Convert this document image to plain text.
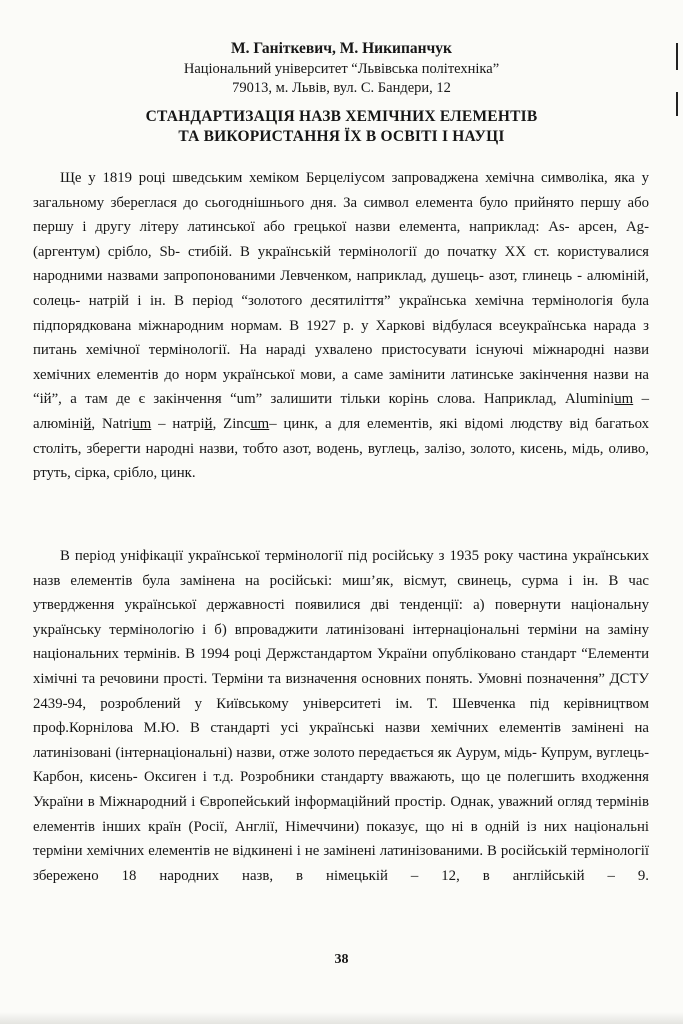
М. Ганіткевич, М. Никипанчук
Національний університет “Львівська політехніка”
79013, м. Львів, вул. С. Бандери, 12
СТАНДАРТИЗАЦІЯ НАЗВ ХЕМІЧНИХ ЕЛЕМЕНТІВ
ТА ВИКОРИСТАННЯ ЇХ В ОСВІТІ І НАУЦІ

Ще у 1819 році шведським хеміком Берцеліусом запроваджена хемічна символіка, яка у загальному збереглася до сьогоднішнього дня. За символ елемента було прийнято першу або першу і другу літеру латинської або грецької назви елемента, наприклад: As- арсен, Ag- (аргентум) срібло, Sb- стибій. В українській термінології до початку ХХ ст. користувалися народними назвами запропонованими Левченком, наприклад, душець- азот, глинець - алюміній, солець- натрій і ін. В період “золотого десятиліття” українська хемічна термінологія була підпорядкована міжнародним нормам. В 1927 р. у Харкові відбулася всеукраїнська нарада з питань хемічної термінології. На нараді ухвалено пристосувати існуючі міжнародні назви хемічних елементів до норм української мови, а саме замінити латинське закінчення назви на “ій”, а там де є закінчення “um” залишити тільки корінь слова. Наприклад, Aluminium – алюміній, Natrium – натрій, Zincum– цинк, а для елементів, які відомі людству від багатьох століть, зберегти народні назви, тобто азот, водень, вуглець, залізо, золото, кисень, мідь, оливо, ртуть, сірка, срібло, цинк.

В період уніфікації української термінології під російську з 1935 року частина українських назв елементів була замінена на російські: миш’як, вісмут, свинець, сурма і ін. В час утвердження української державності появилися дві тенденції: а) повернути національну українську термінологію і б) впроваджити латинізовані інтернаціональні терміни на заміну національних термінів. В 1994 році Держстандартом України опубліковано стандарт “Елементи хімічні та речовини прості. Терміни та визначення основних понять. Умовні позначення” ДСТУ 2439-94, розроблений у Київському університеті ім. Т. Шевченка під керівництвом проф.Корнілова М.Ю. В стандарті усі українські назви хемічних елементів замінені на латинізовані (інтернаціональні) назви, отже золото передається як Аурум, мідь- Купрум, вуглець- Карбон, кисень- Оксиген і т.д. Розробники стандарту вважають, що це полегшить входження України в Міжнародний і Європейський інформаційний простір. Однак, уважний огляд термінів елементів інших країн (Росії, Англії, Німеччини) показує, що ні в одній із них національні терміни хемічних елементів не відкинені і не замінені латинізованими. В російській термінології збережено 18 народних назв, в німецькій – 12, в англійській – 9.

38
